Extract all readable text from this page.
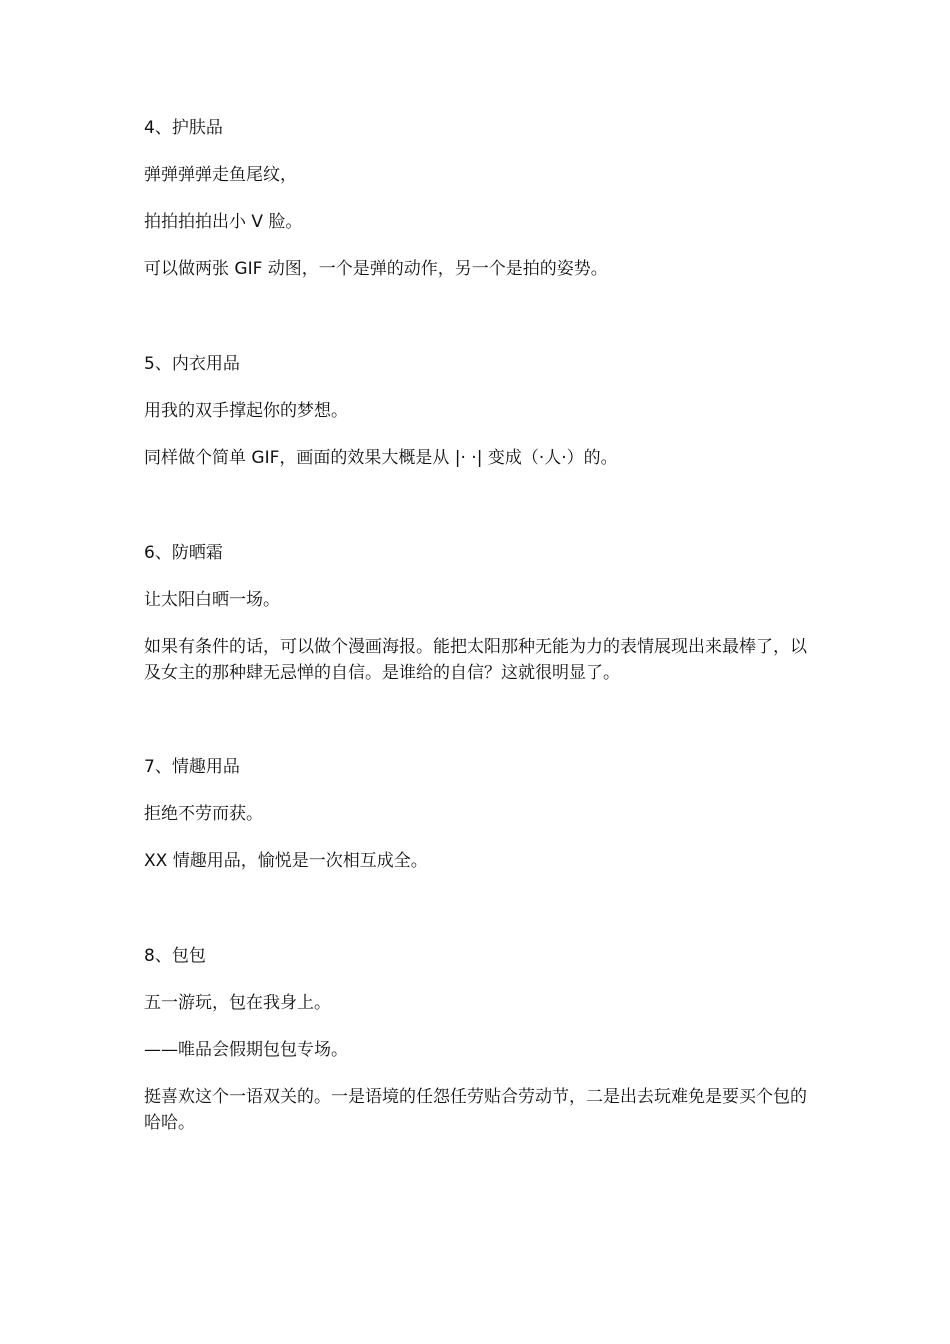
4、护肤品
弹弹弹弹走鱼尾纹，
拍拍拍拍出小 V 脸。
可以做两张 GIF 动图，一个是弹的动作，另一个是拍的姿势。
5、内衣用品
用我的双手撑起你的梦想。
同样做个简单 GIF，画面的效果大概是从 |· ·| 变成（·人·）的。
6、防晒霜
让太阳白晒一场。
如果有条件的话，可以做个漫画海报。能把太阳那种无能为力的表情展现出来最棒了，以及女主的那种肆无忌惮的自信。是谁给的自信？这就很明显了。
7、情趣用品
拒绝不劳而获。
XX 情趣用品，愉悦是一次相互成全。
8、包包
五一游玩，包在我身上。
——唯品会假期包包专场。
挺喜欢这个一语双关的。一是语境的任怨任劳贴合劳动节，二是出去玩难免是要买个包的哈哈。
